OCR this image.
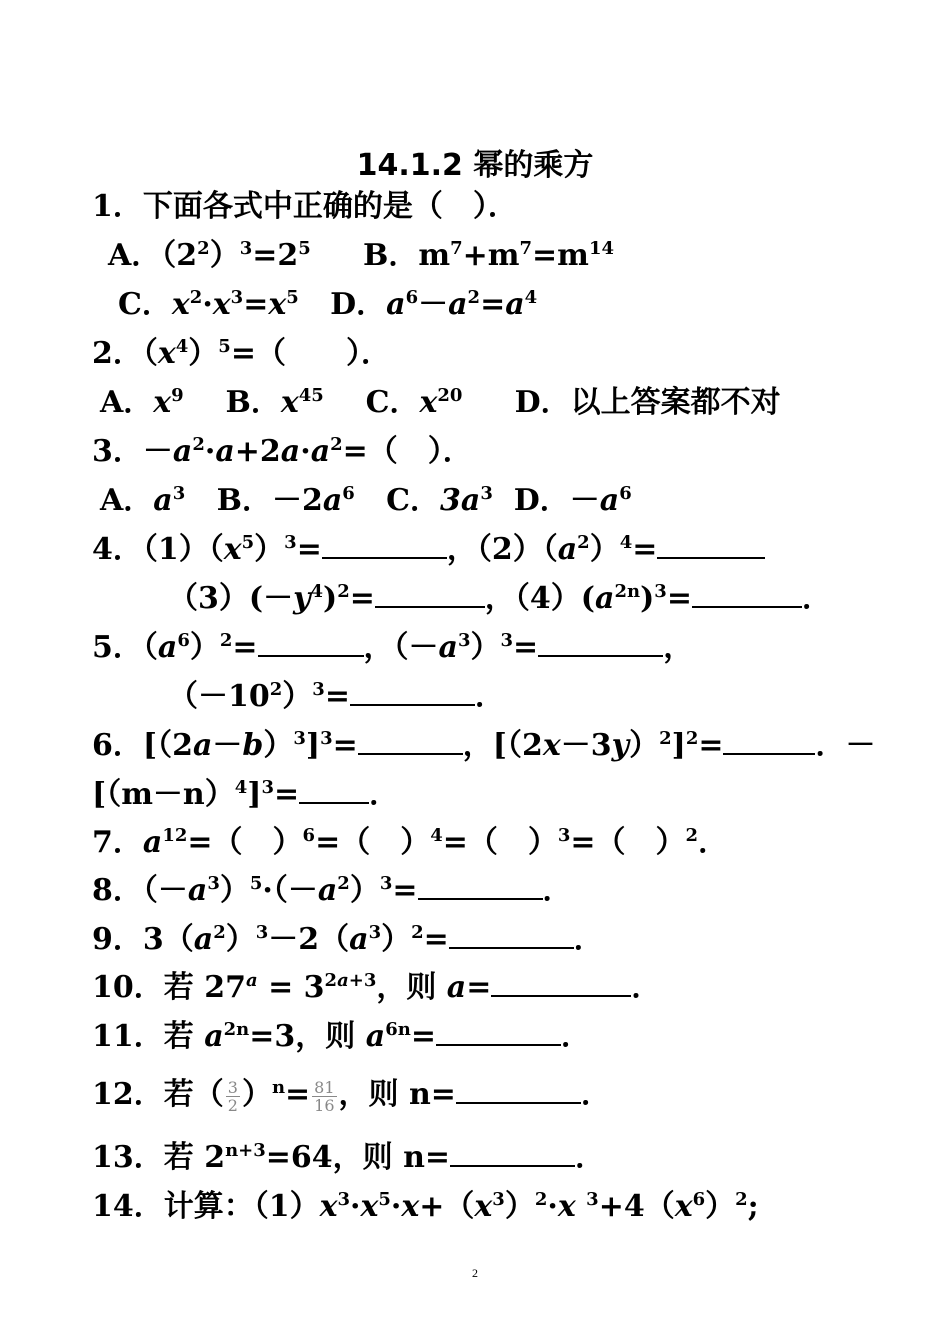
14.1.2 幂的乘方
1．下面各式中正确的是（　）．
A．$(2^2)^3=2^5$     B．$m^7+m^7=m^{14}$
C．$x^2\cdot x^3=x^5$   D．$a^6-a^2=a^4$
2．$(x^4)^5=$（　　）．
A．$x^9$    B．$x^{45}$    C．$x^{20}$     D．以上答案都不对
3．$-a^2\cdot a+2a\cdot a^2=$（　）．
A．$a^3$   B．$-2a^6$   C．$3a^3$  D．$-a^6$
4．$(1)(x^5)^3=$	，$(2)(a^2)^4=$
$(3)(-y^4)^2=$	，$(4)(a^{2n})^3=$	．
5．$(a^6)^2=$	，$(-a^3)^3=$	，
$(-10^2)^3=$	．
6．$[(2a-b)^3]^3=$	，$[(2x-3y)^2]^2=$	．－
$[(m-n)^4]^3=$ ．
7．$a^{12}=$（　）$^6$=（　）$^4$=（　）$^3$=（　）$^2$．
8．$(-a^3)^5\cdot(-a^2)^3=$	．
9．$3(a^2)^3-2(a^3)^2=$	．
10．若 $27^a = 3^{2a+3}$，则 a=	．
11．若 $a^{2n}=3$，则 $a^{6n}=$	．
12．若（ $\frac{3}{2} )^n= \frac{81}{16}$ ，则 n=	．
13．若 $2^{n+3}=64$，则 n=	．
14．计算：$(1)x^3\cdot x^5\cdot x+(x^3)^2\cdot x$ $^3+4(x^6)^2$;
2
